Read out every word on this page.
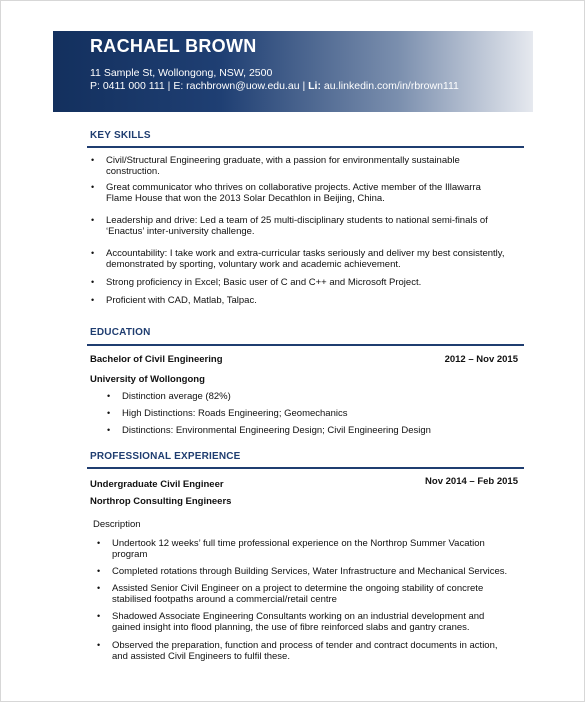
RACHAEL BROWN
11 Sample St, Wollongong, NSW, 2500
P: 0411 000 111 | E: rachbrown@uow.edu.au | Li: au.linkedin.com/in/rbrown111
KEY SKILLS
• Civil/Structural Engineering graduate, with a passion for environmentally sustainable
construction.
• Great communicator who thrives on collaborative projects. Active member of the Illawarra
Flame House that won the 2013 Solar Decathlon in Beijing, China.
• Leadership and drive: Led a team of 25 multi-disciplinary students to national semi-finals of
‘Enactus’ inter-university challenge.
• Accountability: I take work and extra-curricular tasks seriously and deliver my best consistently,
demonstrated by sporting, voluntary work and academic achievement.
• Strong proficiency in Excel; Basic user of C and C++ and Microsoft Project.
• Proficient with CAD, Matlab, Talpac.
EDUCATION
Bachelor of Civil Engineering	2012 – Nov 2015
University of Wollongong
• Distinction average (82%)
• High Distinctions: Roads Engineering; Geomechanics
• Distinctions: Environmental Engineering Design; Civil Engineering Design
PROFESSIONAL EXPERIENCE
Undergraduate Civil Engineer	Nov 2014 – Feb 2015
Northrop Consulting Engineers
Description
• Undertook 12 weeks’ full time professional experience on the Northrop Summer Vacation
program
• Completed rotations through Building Services, Water Infrastructure and Mechanical Services.
• Assisted Senior Civil Engineer on a project to determine the ongoing stability of concrete
stabilised footpaths around a commercial/retail centre
• Shadowed Associate Engineering Consultants working on an industrial development and
gained insight into flood planning, the use of fibre reinforced slabs and gantry cranes.
• Observed the preparation, function and process of tender and contract documents in action,
and assisted Civil Engineers to fulfil these.
